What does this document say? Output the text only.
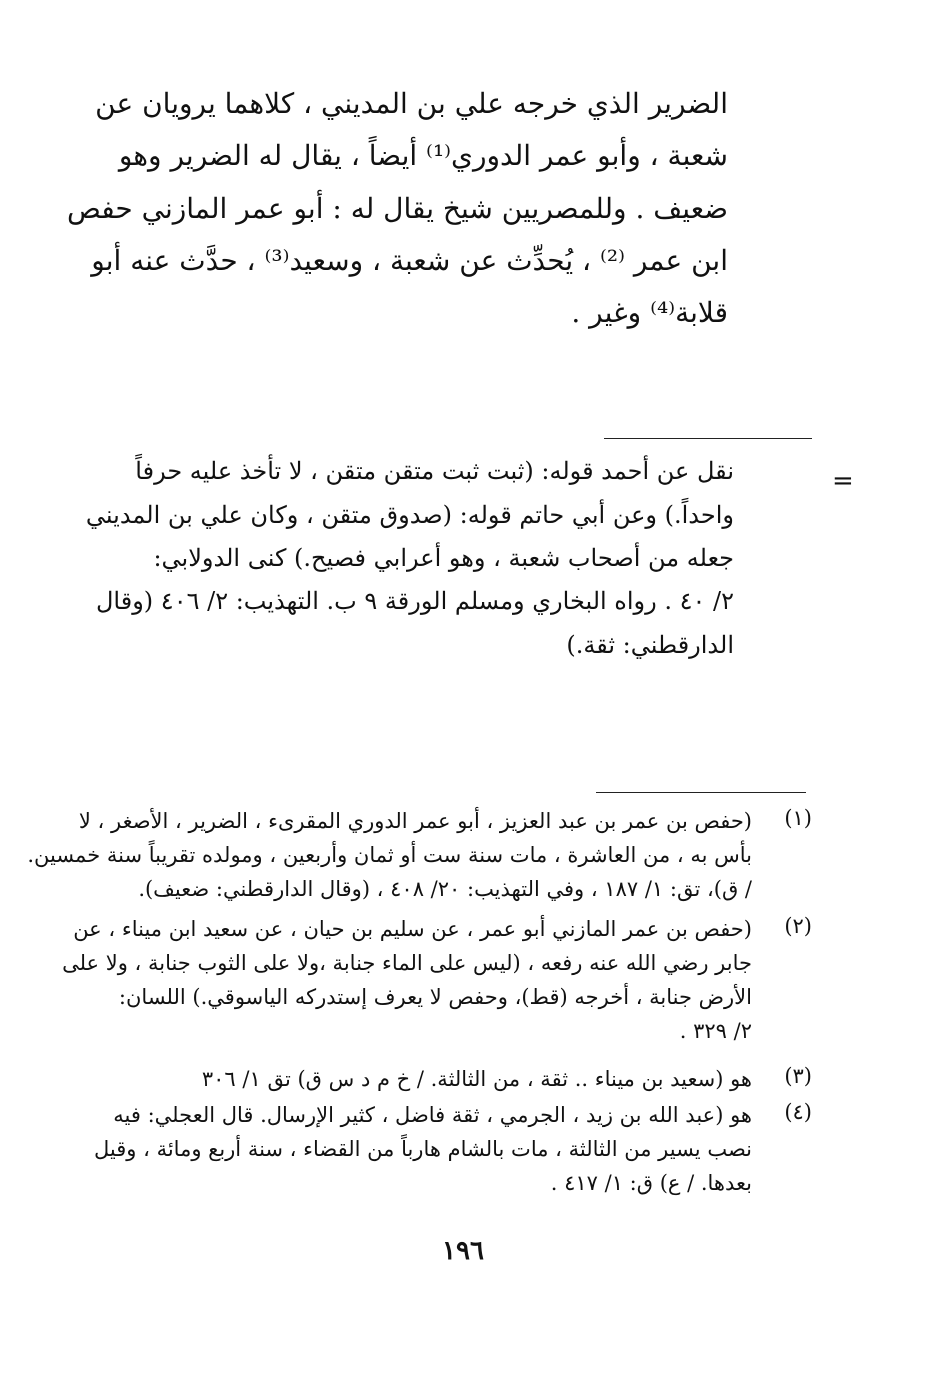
الضرير الذي خرجه علي بن المديني ، كلاهما يرويان عن
شعبة ، وأبو عمر الدوري⁽¹⁾ أيضاً ، يقال له الضرير وهو
ضعيف . وللمصريين شيخ يقال له : أبو عمر المازني حفص
ابن عمر ⁽²⁾ ، يُحدِّث عن شعبة ، وسعيد⁽³⁾ ، حدَّث عنه أبو
قلابة⁽⁴⁾ وغير .
=
نقل عن أحمد قوله: (ثبت ثبت متقن متقن ، لا تأخذ عليه حرفاً
واحداً.) وعن أبي حاتم قوله: (صدوق متقن ، وكان علي بن المديني
جعله من أصحاب شعبة ، وهو أعرابي فصيح.) كنى الدولابي:
٢/ ٤٠ . رواه البخاري ومسلم الورقة ٩ ب. التهذيب: ٢/ ٤٠٦ (وقال
الدارقطني: ثقة.)
(١)
(حفص بن عمر بن عبد العزيز ، أبو عمر الدوري المقرىء ، الضرير ، الأصغر ، لا
بأس به ، من العاشرة ، مات سنة ست أو ثمان وأربعين ، ومولده تقريباً سنة خمسين.
/ ق)، تق: ١/ ١٨٧ ، وفي التهذيب: ٢٠/ ٤٠٨ ، (وقال الدارقطني: ضعيف).
(٢)
(حفص بن عمر المازني أبو عمر ، عن سليم بن حيان ، عن سعيد ابن ميناء ، عن
جابر رضي الله عنه رفعه ، (ليس على الماء جنابة ،ولا على الثوب جنابة ، ولا على
الأرض جنابة ، أخرجه (قط)، وحفص لا يعرف إستدركه الياسوقي.) اللسان:
٢/ ٣٢٩ .
(٣)
هو (سعيد بن ميناء .. ثقة ، من الثالثة. / خ م د س ق) تق ١/ ٣٠٦
(٤)
هو (عبد الله بن زيد ، الجرمي ، ثقة فاضل ، كثير الإرسال. قال العجلي: فيه
نصب يسير من الثالثة ، مات بالشام هارباً من القضاء ، سنة أربع ومائة ، وقيل
بعدها. / ع) ق: ١/ ٤١٧ .
١٩٦
